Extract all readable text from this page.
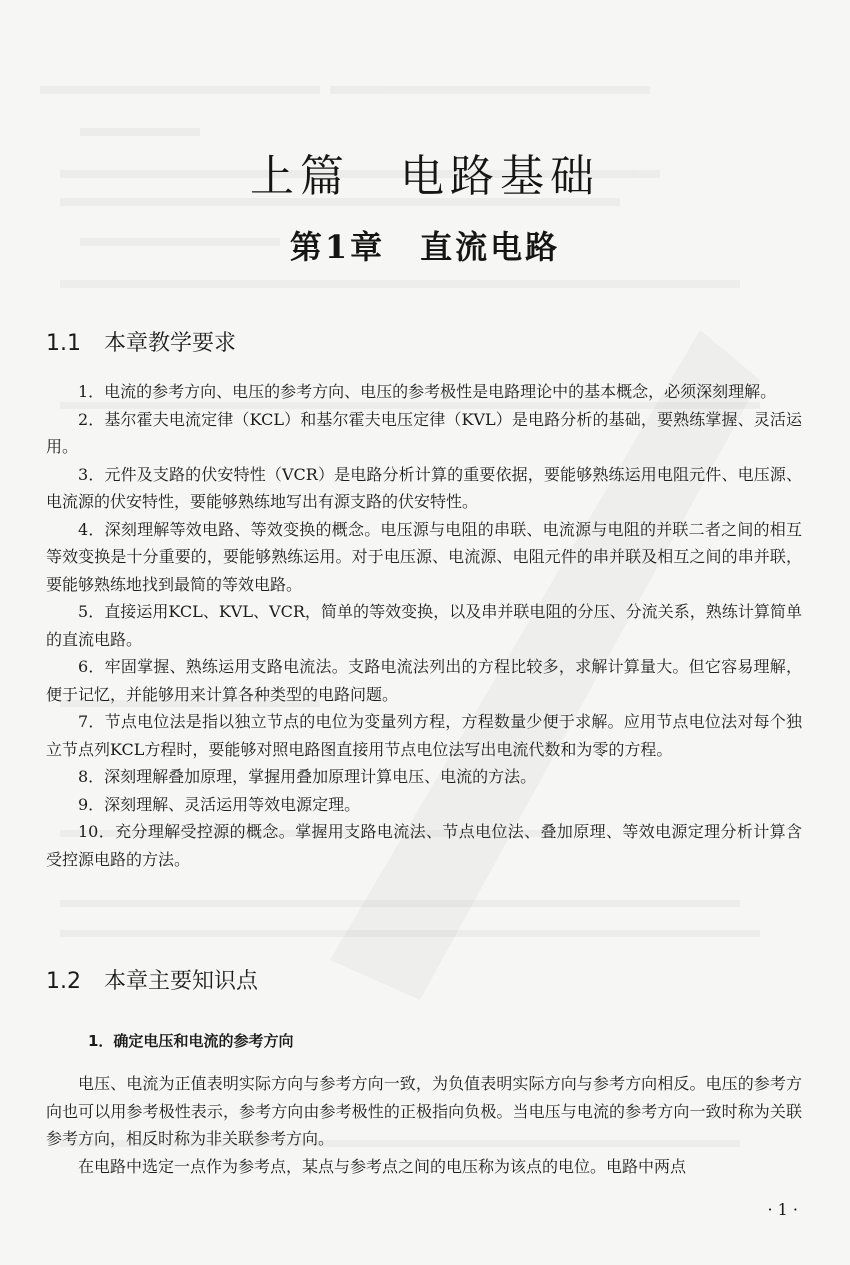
上篇　电路基础
第1章　直流电路
1.1 本章教学要求

1．电流的参考方向、电压的参考方向、电压的参考极性是电路理论中的基本概念，必须深刻理解。

2．基尔霍夫电流定律（KCL）和基尔霍夫电压定律（KVL）是电路分析的基础，要熟练掌握、灵活运用。

3．元件及支路的伏安特性（VCR）是电路分析计算的重要依据，要能够熟练运用电阻元件、电压源、电流源的伏安特性，要能够熟练地写出有源支路的伏安特性。

4．深刻理解等效电路、等效变换的概念。电压源与电阻的串联、电流源与电阻的并联二者之间的相互等效变换是十分重要的，要能够熟练运用。对于电压源、电流源、电阻元件的串并联及相互之间的串并联，要能够熟练地找到最简的等效电路。

5．直接运用KCL、KVL、VCR，简单的等效变换，以及串并联电阻的分压、分流关系，熟练计算简单的直流电路。

6．牢固掌握、熟练运用支路电流法。支路电流法列出的方程比较多，求解计算量大。但它容易理解，便于记忆，并能够用来计算各种类型的电路问题。

7．节点电位法是指以独立节点的电位为变量列方程，方程数量少便于求解。应用节点电位法对每个独立节点列KCL方程时，要能够对照电路图直接用节点电位法写出电流代数和为零的方程。

8．深刻理解叠加原理，掌握用叠加原理计算电压、电流的方法。

9．深刻理解、灵活运用等效电源定理。

10．充分理解受控源的概念。掌握用支路电流法、节点电位法、叠加原理、等效电源定理分析计算含受控源电路的方法。

1.2 本章主要知识点
1．确定电压和电流的参考方向

电压、电流为正值表明实际方向与参考方向一致，为负值表明实际方向与参考方向相反。电压的参考方向也可以用参考极性表示，参考方向由参考极性的正极指向负极。当电压与电流的参考方向一致时称为关联参考方向，相反时称为非关联参考方向。

在电路中选定一点作为参考点，某点与参考点之间的电压称为该点的电位。电路中两点

· 1 ·
